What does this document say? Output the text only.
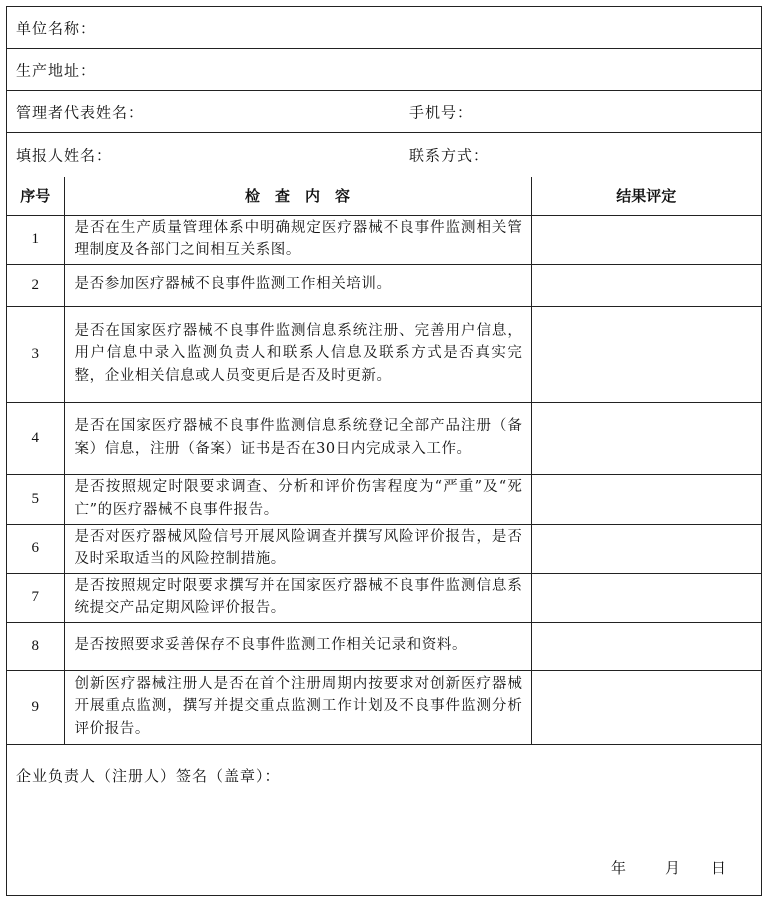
单位名称：
生产地址：
管理者代表姓名：	手机号：
填报人姓名：	联系方式：
序号	检　查　内　容	结果评定
1	是否在生产质量管理体系中明确规定医疗器械不良事件监测相关管理制度及各部门之间相互关系图。	
2	是否参加医疗器械不良事件监测工作相关培训。	
3	是否在国家医疗器械不良事件监测信息系统注册、完善用户信息，用户信息中录入监测负责人和联系人信息及联系方式是否真实完整，企业相关信息或人员变更后是否及时更新。	
4	是否在国家医疗器械不良事件监测信息系统登记全部产品注册（备案）信息，注册（备案）证书是否在30日内完成录入工作。	
5	是否按照规定时限要求调查、分析和评价伤害程度为“严重”及“死亡”的医疗器械不良事件报告。	
6	是否对医疗器械风险信号开展风险调查并撰写风险评价报告，是否及时采取适当的风险控制措施。	
7	是否按照规定时限要求撰写并在国家医疗器械不良事件监测信息系统提交产品定期风险评价报告。	
8	是否按照要求妥善保存不良事件监测工作相关记录和资料。	
9	创新医疗器械注册人是否在首个注册周期内按要求对创新医疗器械开展重点监测，撰写并提交重点监测工作计划及不良事件监测分析评价报告。	
企业负责人（注册人）签名（盖章）：
年	月 日
